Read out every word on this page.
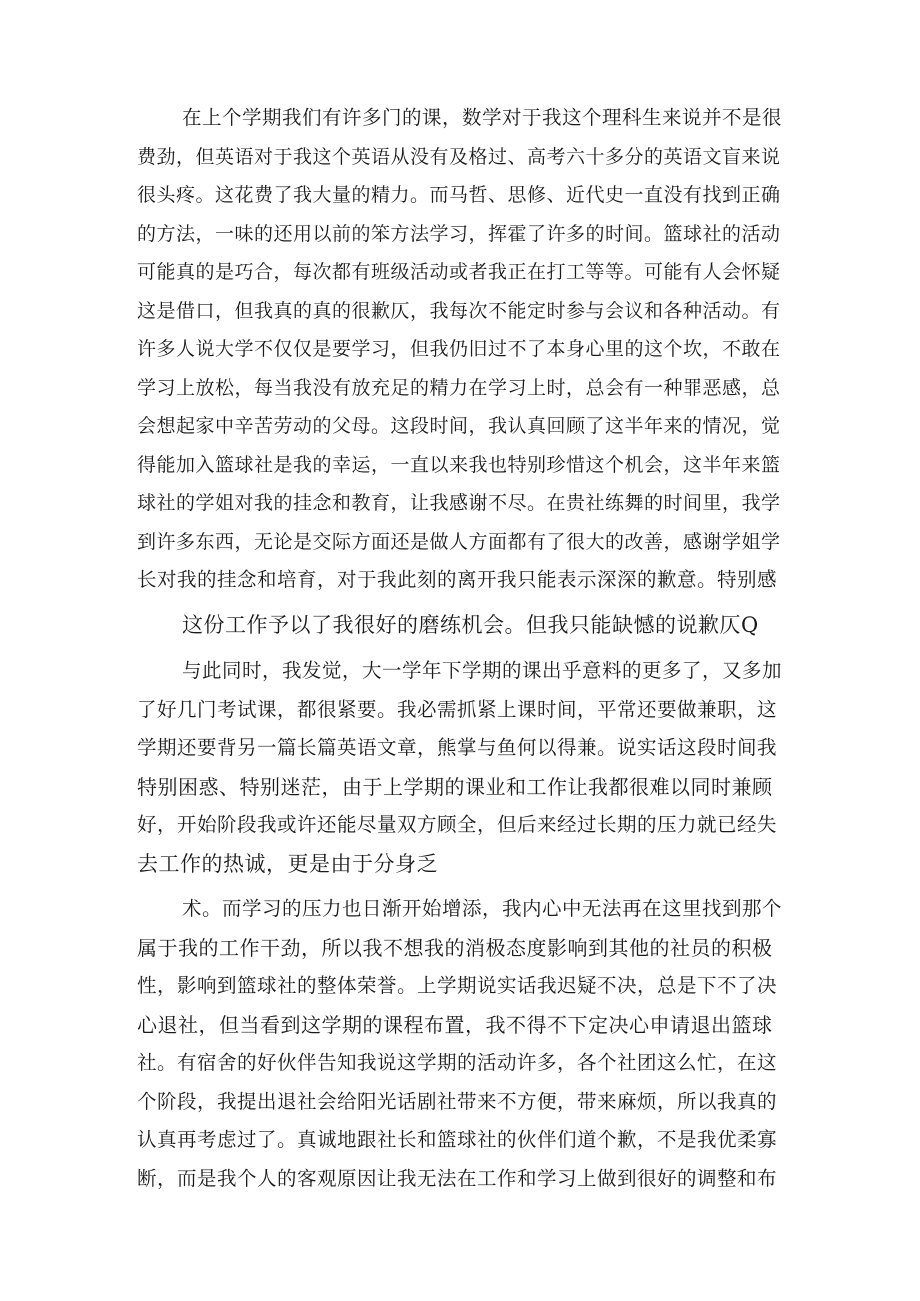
在上个学期我们有许多门的课，数学对于我这个理科生来说并不是很
费劲，但英语对于我这个英语从没有及格过、高考六十多分的英语文盲来说
很头疼。这花费了我大量的精力。而马哲、思修、近代史一直没有找到正确
的方法，一味的还用以前的笨方法学习，挥霍了许多的时间。篮球社的活动
可能真的是巧合，每次都有班级活动或者我正在打工等等。可能有人会怀疑
这是借口，但我真的真的很歉仄，我每次不能定时参与会议和各种活动。有
许多人说大学不仅仅是要学习，但我仍旧过不了本身心里的这个坎，不敢在
学习上放松，每当我没有放充足的精力在学习上时，总会有一种罪恶感，总
会想起家中辛苦劳动的父母。这段时间，我认真回顾了这半年来的情况，觉
得能加入篮球社是我的幸运，一直以来我也特别珍惜这个机会，这半年来篮
球社的学姐对我的挂念和教育，让我感谢不尽。在贵社练舞的时间里，我学
到许多东西，无论是交际方面还是做人方面都有了很大的改善，感谢学姐学
长对我的挂念和培育，对于我此刻的离开我只能表示深深的歉意。特别感
这份工作予以了我很好的磨练机会。但我只能缺憾的说歉仄Q
与此同时，我发觉，大一学年下学期的课出乎意料的更多了，又多加
了好几门考试课，都很紧要。我必需抓紧上课时间，平常还要做兼职，这
学期还要背另一篇长篇英语文章，熊掌与鱼何以得兼。说实话这段时间我
特别困惑、特别迷茫，由于上学期的课业和工作让我都很难以同时兼顾
好，开始阶段我或许还能尽量双方顾全，但后来经过长期的压力就已经失
去工作的热诚，更是由于分身乏
术。而学习的压力也日渐开始增添，我内心中无法再在这里找到那个
属于我的工作干劲，所以我不想我的消极态度影响到其他的社员的积极
性，影响到篮球社的整体荣誉。上学期说实话我迟疑不决，总是下不了决
心退社，但当看到这学期的课程布置，我不得不下定决心申请退出篮球
社。有宿舍的好伙伴告知我说这学期的活动许多，各个社团这么忙，在这
个阶段，我提出退社会给阳光话剧社带来不方便，带来麻烦，所以我真的
认真再考虑过了。真诚地跟社长和篮球社的伙伴们道个歉，不是我优柔寡
断，而是我个人的客观原因让我无法在工作和学习上做到很好的调整和布
